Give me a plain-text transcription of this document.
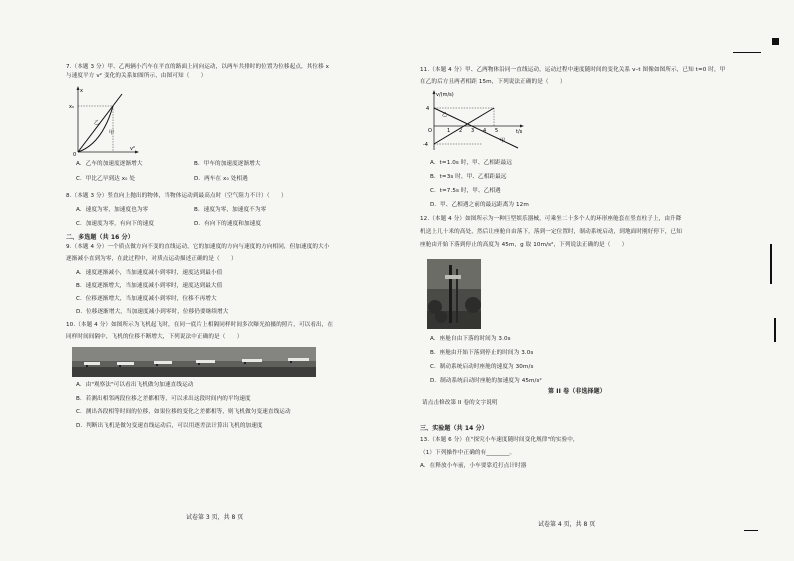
7.（本题 3 分）甲、乙两辆小汽车在平直的路面上同向运动，以两车共排时的位置为位移起点，其位移 x
与速度平方 v² 变化的关系如图所示，由图可知（　　）
x
v²
x₀
0
乙
甲
A．乙车的加速度逐渐增大	B．甲车的加速度逐渐增大
C．甲比乙早到达 x₀ 处	D．两车在 x₀ 处相遇
8.（本题 3 分）竖直向上抛出的物体，当物体运动到最高点时（空气阻力不计）（　　）
A．速度为零，加速度也为零	B．速度为零，加速度不为零
C．加速度为零，有向下的速度	D．有向下的速度和加速度
二、多选题（共 16 分）
9.（本题 4 分）一个质点做方向不变的直线运动，它的加速度的方向与速度的方向相同，但加速度的大小
逐渐减小直到为零，在此过程中，对质点运动描述正确的是（　　）
A．速度逐渐减小，当加速度减小到零时，速度达到最小值
B．速度逐渐增大，当加速度减小到零时，速度达到最大值
C．位移逐渐增大，当加速度减小到零时，位移不再增大
D．位移逐渐增大，当加速度减小到零时，位移仍要继续增大
10.（本题 4 分）如图所示为飞机起飞时，在同一底片上相隔同样时间多次曝光拍摄的照片，可以看出，在
同样时间间隔中，飞机的位移不断增大，下列说法中正确的是（　　）
A．由"观察法"可以看出飞机做匀加速直线运动
B．若测出相邻两段位移之差都相等，可以求出这段时间内的平均速度
C．测出各段相等时间的位移，如果位移的变化之差都相等，则飞机做匀变速直线运动
D．判断出飞机是做匀变速直线运动后，可以用逐差法计算出飞机的加速度
试卷第 3 页，共 8 页
11.（本题 4 分）甲、乙两物体沿同一直线运动，运动过程中速度随时间的变化关系 v–t 图像如图所示，已知 t=0 时，甲
在乙的后方且两者相距 15m，下列说法正确的是（　　）
v/(m/s)
t/s
4
-4
O	1 2 3 4 5
乙
甲
A．t=1.0s 时，甲、乙相距最远
B．t=3s 时，甲、乙相距最远
C．t=7.5s 时，甲、乙相遇
D．甲、乙相遇之前的最远距离为 12m
12.（本题 4 分）如图所示为一种巨型娱乐器械，可乘坐二十多个人的环形座舱套在竖直柱子上，由升降
机送上几十米的高处，然后让座舱自由落下，落到一定位置时，制动系统启动，到地面时刚好停下，已知
座舱由开始下落到停止的高度为 45m，g 取 10m/s²，下列说法正确的是（　　）
A．座舱自由下落的时间为 3.0s
B．座舱由开始下落到停止的时间为 3.0s
C．制动系统启动时座舱的速度为 30m/s
D．制动系统启动时座舱的加速度为 45m/s²
第 II 卷（非选择题）
请点击修改第 II 卷的文字说明
三、实验题（共 14 分）
13.（本题 6 分）在"探究小车速度随时间变化规律"的实验中，
（1）下列操作中正确的有________。
A．在释放小车前，小车要靠近打点计时器
试卷第 4 页，共 8 页
